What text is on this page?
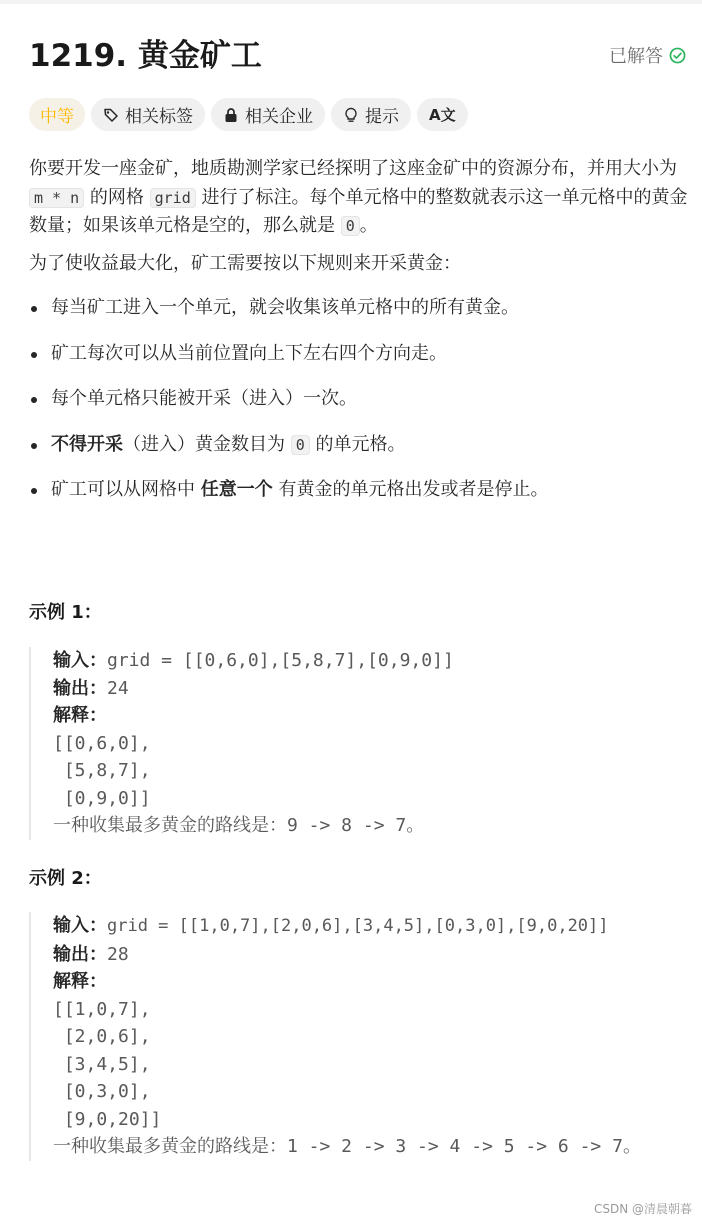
1219. 黄金矿工	已解答
中等	相关标签	相关企业	提示 A文

你要开发一座金矿，地质勘测学家已经探明了这座金矿中的资源分布，并用大小为 m * n 的网格 grid 进行了标注。每个单元格中的整数就表示这一单元格中的黄金数量；如果该单元格是空的，那么就是 0 。

为了使收益最大化，矿工需要按以下规则来开采黄金：

每当矿工进入一个单元，就会收集该单元格中的所有黄金。
矿工每次可以从当前位置向上下左右四个方向走。
每个单元格只能被开采（进入）一次。
不得开采（进入）黄金数目为 0 的单元格。
矿工可以从网格中 任意一个 有黄金的单元格出发或者是停止。
示例 1：
输入：grid = [[0,6,0],[5,8,7],[0,9,0]]
输出：24
解释：
[[0,6,0],
[5,8,7],
[0,9,0]]
一种收集最多黄金的路线是：9 -> 8 -> 7。
示例 2：
输入：grid = [[1,0,7],[2,0,6],[3,4,5],[0,3,0],[9,0,20]]
输出：28
解释：
[[1,0,7],
[2,0,6],
[3,4,5],
[0,3,0],
[9,0,20]]
一种收集最多黄金的路线是：1 -> 2 -> 3 -> 4 -> 5 -> 6 -> 7。
CSDN @清晨朝暮
